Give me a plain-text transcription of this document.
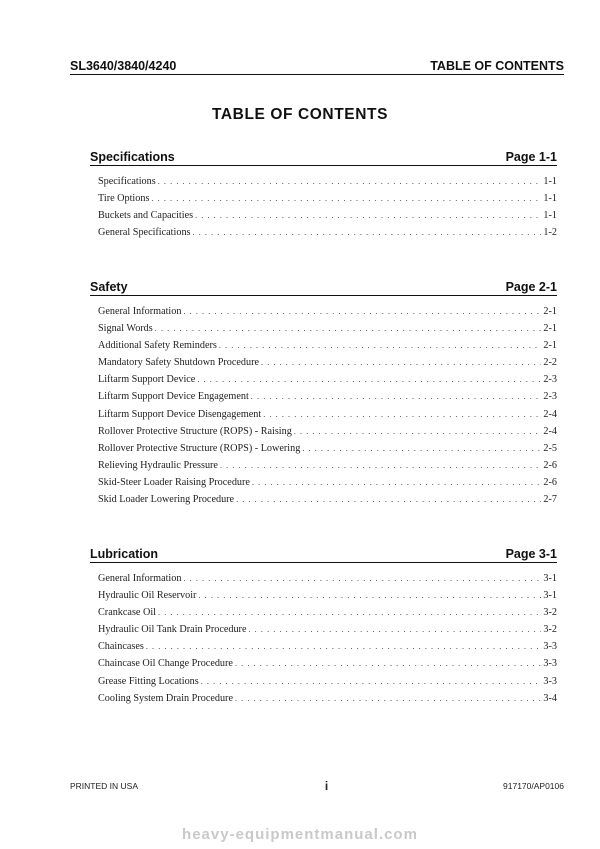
SL3640/3840/4240	TABLE OF CONTENTS
TABLE OF CONTENTS
Specifications	Page 1-1
Specifications . . .	1-1
Tire Options . . .	1-1
Buckets and Capacities . . .	1-1
General Specifications . . .	1-2
Safety	Page 2-1
General Information . . .	2-1
Signal Words . . .	2-1
Additional Safety Reminders . . .	2-1
Mandatory Safety Shutdown Procedure . . .	2-2
Liftarm Support Device . . .	2-3
Liftarm Support Device Engagement . . .	2-3
Liftarm Support Device Disengagement . . .	2-4
Rollover Protective Structure (ROPS) - Raising . . .	2-4
Rollover Protective Structure (ROPS) - Lowering . . .	2-5
Relieving Hydraulic Pressure . . .	2-6
Skid-Steer Loader Raising Procedure . . .	2-6
Skid Loader Lowering Procedure . . .	2-7
Lubrication	Page 3-1
General Information . . .	3-1
Hydraulic Oil Reservoir . . .	3-1
Crankcase Oil . . .	3-2
Hydraulic Oil Tank Drain Procedure . . .	3-2
Chaincases . . .	3-3
Chaincase Oil Change Procedure . . .	3-3
Grease Fitting Locations . . .	3-3
Cooling System Drain Procedure . . .	3-4
PRINTED IN USA	i	917170/AP0106
heavy-equipmentmanual.com
